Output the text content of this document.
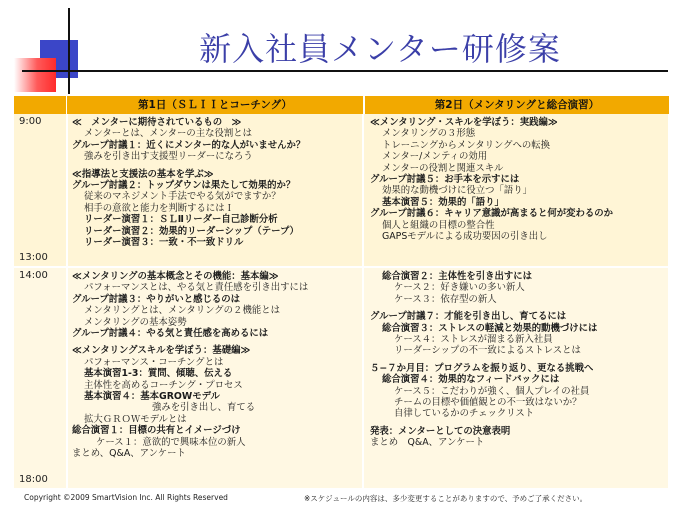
新入社員メンター研修案
第1日（ＳＬＩＩとコーチング）	第2日（メンタリングと総合演習）
9:00
13:00
≪　メンターに期待されているもの　≫
メンターとは、メンターの主な役割とは
グループ討議１：近くにメンター的な人がいませんか？
強みを引き出す支援型リーダーになろう
≪指導法と支援法の基本を学ぶ≫
グループ討議２：トップダウンは果たして効果的か？
従来のマネジメント手法でやる気がでますか？
相手の意欲と能力を判断するにはＩ
リーダー演習１：ＳＬⅡリーダー自己診断分析
リーダー演習２：効果的リーダーシップ（テープ）
リーダー演習３：一致・不一致ドリル
≪メンタリング・スキルを学ぼう：実践編≫
メンタリングの３形態
トレーニングからメンタリングへの転換
メンター/メンティの効用
メンターの役割と関連スキル
グループ討議５：お手本を示すには
効果的な動機づけに役立つ「語り」
基本演習５：効果的「語り」
グループ討議６：キャリア意識が高まると何が変わるのか
個人と組織の目標の整合性
GAPSモデルによる成功要因の引き出し
14:00
18:00
≪メンタリングの基本概念とその機能：基本編≫
パフォーマンスとは、やる気と責任感を引き出すには
グループ討議３：やりがいと感じるのは
メンタリングとは、メンタリングの２機能とは
メンタリングの基本姿勢
グループ討議４：やる気と責任感を高めるには
≪メンタリングスキルを学ぼう：基礎編≫
パフォーマンス・コーチングとは
基本演習1-3：質問、傾聴、伝える
主体性を高めるコーチング・プロセス
基本演習４：基本GROWモデル
強みを引き出し、育てる
拡大ＧＲＯＷモデルとは
総合演習１：目標の共有とイメージづけ
ケース１：意欲的で興味本位の新人
まとめ、Q&A、アンケート
総合演習２：主体性を引き出すには
ケース２：好き嫌いの多い新人
ケース３：依存型の新人
グループ討議７：才能を引き出し、育てるには
総合演習３：ストレスの軽減と効果的動機づけには
ケース４：ストレスが溜まる新入社員
リーダーシップの不一致によるストレスとは
５−７か月目：プログラムを振り返り、更なる挑戦へ
総合演習４：効果的なフィードバックには
ケース５：こだわりが強く、個人プレイの社員
チームの目標や価値観との不一致はないか？
自律しているかのチェックリスト
発表：メンターとしての決意表明
まとめ　Q&A、アンケート
Copyright ©2009 SmartVision Inc. All Rights Reserved	※スケジュールの内容は、多少変更することがありますので、予めご了承ください。
